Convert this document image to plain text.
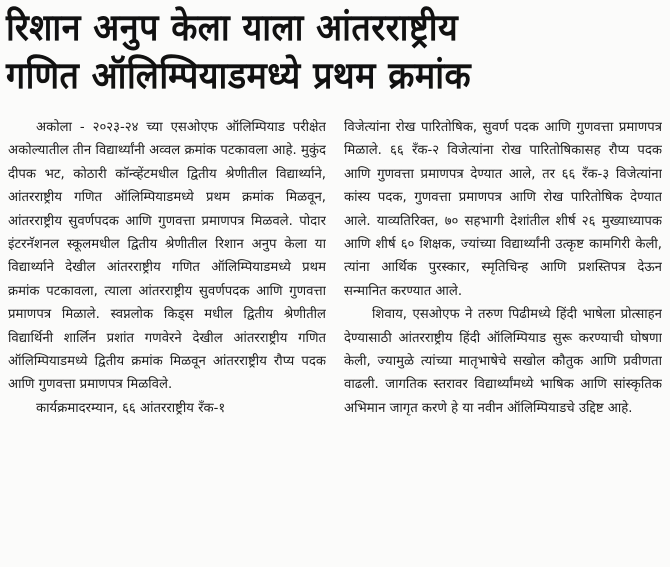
रिशान अनुप केला याला आंतरराष्ट्रीय
गणित ऑलिम्पियाडमध्ये प्रथम क्रमांक

अकोला - २०२३-२४ च्या एसओएफ ऑलिम्पियाड परीक्षेत अकोल्यातील तीन विद्यार्थ्यांनी अव्वल क्रमांक पटकावला आहे. मुकुंद दीपक भट, कोठारी कॉन्व्हेंटमधील द्वितीय श्रेणीतील विद्यार्थ्याने, आंतरराष्ट्रीय गणित ऑलिम्पियाडमध्ये प्रथम क्रमांक मिळवून, आंतरराष्ट्रीय सुवर्णपदक आणि गुणवत्ता प्रमाणपत्र मिळवले. पोदार इंटरनॅशनल स्कूलमधील द्वितीय श्रेणीतील रिशान अनुप केला या विद्यार्थ्याने देखील आंतरराष्ट्रीय गणित ऑलिम्पियाडमध्ये प्रथम क्रमांक पटकावला, त्याला आंतरराष्ट्रीय सुवर्णपदक आणि गुणवत्ता प्रमाणपत्र मिळाले. स्वप्नलोक किड्स मधील द्वितीय श्रेणीतील विद्यार्थिनी शार्लिन प्रशांत गणवेरने देखील आंतरराष्ट्रीय गणित ऑलिम्पियाडमध्ये द्वितीय क्रमांक मिळवून आंतरराष्ट्रीय रौप्य पदक आणि गुणवत्ता प्रमाणपत्र मिळविले.

कार्यक्रमादरम्यान, ६६ आंतरराष्ट्रीय रँक-१

विजेत्यांना रोख पारितोषिक, सुवर्ण पदक आणि गुणवत्ता प्रमाणपत्र मिळाले. ६६ रँक-२ विजेत्यांना रोख पारितोषिकासह रौप्य पदक आणि गुणवत्ता प्रमाणपत्र देण्यात आले, तर ६६ रँक-३ विजेत्यांना कांस्य पदक, गुणवत्ता प्रमाणपत्र आणि रोख पारितोषिक देण्यात आले. याव्यतिरिक्त, ७० सहभागी देशांतील शीर्ष २६ मुख्याध्यापक आणि शीर्ष ६० शिक्षक, ज्यांच्या विद्यार्थ्यांनी उत्कृष्ट कामगिरी केली, त्यांना आर्थिक पुरस्कार, स्मृतिचिन्ह आणि प्रशस्तिपत्र देऊन सन्मानित करण्यात आले.

शिवाय, एसओएफ ने तरुण पिढीमध्ये हिंदी भाषेला प्रोत्साहन देण्यासाठी आंतरराष्ट्रीय हिंदी ऑलिम्पियाड सुरू करण्याची घोषणा केली, ज्यामुळे त्यांच्या मातृभाषेचे सखोल कौतुक आणि प्रवीणता वाढली. जागतिक स्तरावर विद्यार्थ्यांमध्ये भाषिक आणि सांस्कृतिक अभिमान जागृत करणे हे या नवीन ऑलिम्पियाडचे उद्दिष्ट आहे.
